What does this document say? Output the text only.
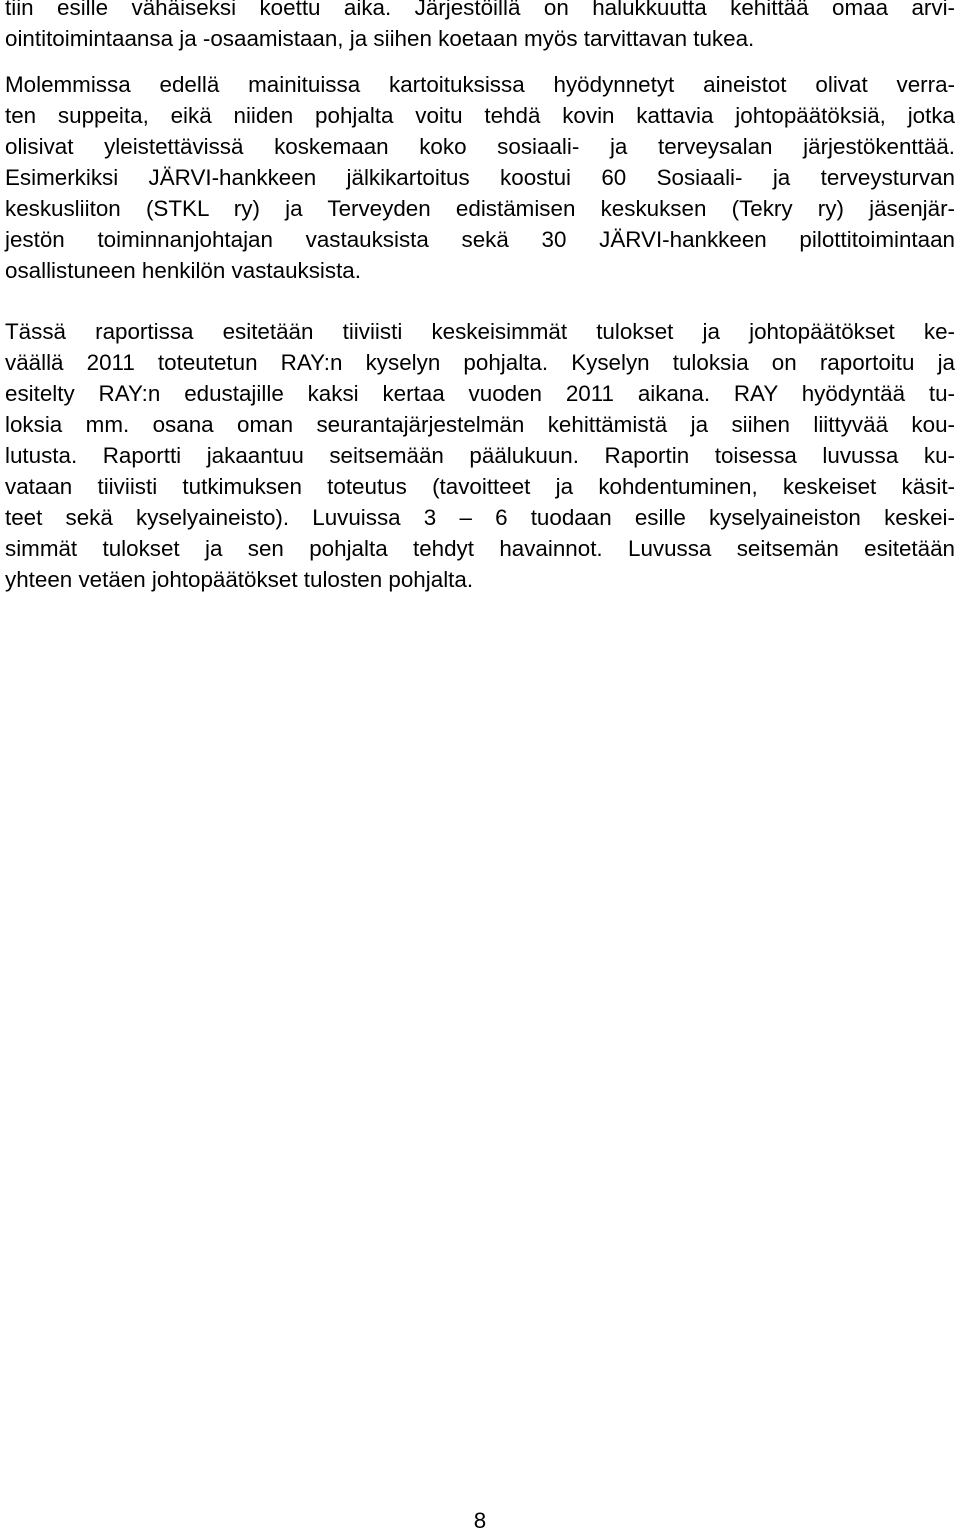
tiin esille vähäiseksi koettu aika. Järjestöillä on halukkuutta kehittää omaa arvi-
ointitoimintaansa ja -osaamistaan, ja siihen koetaan myös tarvittavan tukea.
Molemmissa edellä mainituissa kartoituksissa hyödynnetyt aineistot olivat verra-
ten suppeita, eikä niiden pohjalta voitu tehdä kovin kattavia johtopäätöksiä, jotka
olisivat yleistettävissä koskemaan koko sosiaali- ja terveysalan järjestökenttää.
Esimerkiksi JÄRVI-hankkeen jälkikartoitus koostui 60 Sosiaali- ja terveysturvan
keskusliiton (STKL ry) ja Terveyden edistämisen keskuksen (Tekry ry) jäsenjär-
jestön toiminnanjohtajan vastauksista sekä 30 JÄRVI-hankkeen pilottitoimintaan
osallistuneen henkilön vastauksista.
Tässä raportissa esitetään tiiviisti keskeisimmät tulokset ja johtopäätökset ke-
väällä 2011 toteutetun RAY:n kyselyn pohjalta. Kyselyn tuloksia on raportoitu ja
esitelty RAY:n edustajille kaksi kertaa vuoden 2011 aikana. RAY hyödyntää tu-
loksia mm. osana oman seurantajärjestelmän kehittämistä ja siihen liittyvää kou-
lutusta. Raportti jakaantuu seitsemään päälukuun. Raportin toisessa luvussa ku-
vataan tiiviisti tutkimuksen toteutus (tavoitteet ja kohdentuminen, keskeiset käsit-
teet sekä kyselyaineisto). Luvuissa 3 – 6 tuodaan esille kyselyaineiston keskei-
simmät tulokset ja sen pohjalta tehdyt havainnot. Luvussa seitsemän esitetään
yhteen vetäen johtopäätökset tulosten pohjalta.
8
